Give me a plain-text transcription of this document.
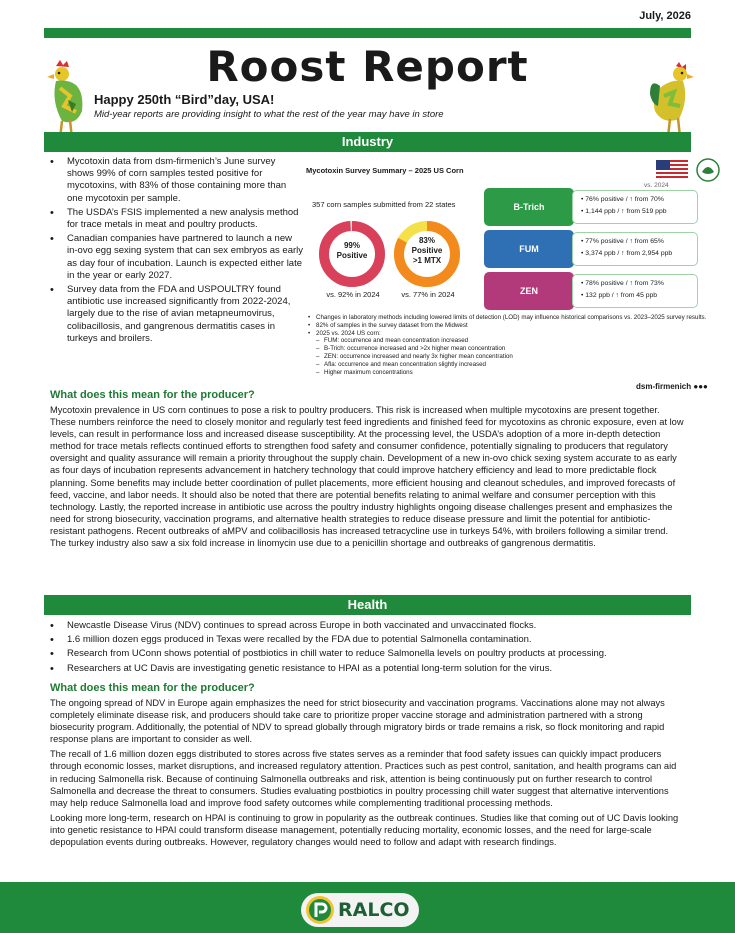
July, 2026
Roost Report
Happy 250th “Bird”day, USA!
Mid-year reports are providing insight to what the rest of the year may have in store
Industry
• Mycotoxin data from dsm-firmenich’s June survey shows 99% of corn samples tested positive for mycotoxins, with 83% of those containing more than one mycotoxin per sample.
• The USDA’s FSIS implemented a new analysis method for trace metals in meat and poultry products.
• Canadian companies have partnered to launch a new in-ovo egg sexing system that can sex embryos as early as day four of incubation. Launch is expected either late in the year or early 2027.
• Survey data from the FDA and USPOULTRY found antibiotic use increased significantly from 2022-2024, largely due to the rise of avian metapneumovirus, colibacillosis, and gangrenous dermatitis cases in turkeys and broilers.
Mycotoxin Survey Summary – 2025 US Corn
vs. 2024
357 corn samples submitted from 22 states
99%
Positive
vs. 92% in 2024
83%
Positive
>1 MTX
vs. 77% in 2024
B-Trich
• 76% positive / ↑ from 70%
• 1,144 ppb / ↑ from 519 ppb
FUM
• 77% positive / ↑ from 65%
• 3,374 ppb / ↑ from 2,954 ppb
ZEN
• 78% positive / ↑ from 73%
• 132 ppb / ↑ from 45 ppb
• Changes in laboratory methods including lowered limits of detection (LOD) may influence historical comparisons vs. 2023–2025 survey results.
• 82% of samples in the survey dataset from the Midwest
• 2025 vs. 2024 US corn:
– FUM: occurrence and mean concentration increased
– B-Trich: occurrence increased and >2x higher mean concentration
– ZEN: occurrence increased and nearly 3x higher mean concentration
– Afla: occurrence and mean concentration slightly increased
– Higher maximum concentrations
dsm-firmenich ●●●
What does this mean for the producer?

Mycotoxin prevalence in US corn continues to pose a risk to poultry producers. This risk is increased when multiple mycotoxins are present together. These numbers reinforce the need to closely monitor and regularly test feed ingredients and finished feed for mycotoxins as chronic exposure, even at low levels, can result in performance loss and increased disease susceptibility. At the processing level, the USDA’s adoption of a more in-depth detection method for trace metals reflects continued efforts to strengthen food safety and consumer confidence, potentially signaling to producers that regulatory oversight and quality assurance will remain a priority throughout the supply chain. Development of a new in-ovo chick sexing system accurate to as early as four days of incubation represents advancement in hatchery technology that could improve hatchery efficiency and lead to more predictable flock planning. Some benefits may include better coordination of pullet placements, more efficient housing and cleanout schedules, and improved forecasts of feed, vaccine, and labor needs. It should also be noted that there are potential benefits relating to animal welfare and consumer perception with this technology. Lastly, the reported increase in antibiotic use across the poultry industry highlights ongoing disease challenges present and emphasizes the need for strong biosecurity, vaccination programs, and alternative health strategies to reduce disease pressure and limit the potential for antibiotic-resistant pathogens. Recent outbreaks of aMPV and colibacillosis has increased tetracycline use in turkeys 54%, with broilers following a similar trend. The turkey industry also saw a six fold increase in linomycin use due to a penicillin shortage and outbreaks of gangrenous dermatitis.

Health
• Newcastle Disease Virus (NDV) continues to spread across Europe in both vaccinated and unvaccinated flocks.
• 1.6 million dozen eggs produced in Texas were recalled by the FDA due to potential Salmonella contamination.
• Research from UConn shows potential of postbiotics in chill water to reduce Salmonella levels on poultry products at processing.
• Researchers at UC Davis are investigating genetic resistance to HPAI as a potential long-term solution for the virus.
What does this mean for the producer?

The ongoing spread of NDV in Europe again emphasizes the need for strict biosecurity and vaccination programs. Vaccinations alone may not always completely eliminate disease risk, and producers should take care to prioritize proper vaccine storage and administration partnered with a strong biosecurity program. Additionally, the potential of NDV to spread globally through migratory birds or trade remains a risk, so flock monitoring and rapid response plans are important to consider as well.

The recall of 1.6 million dozen eggs distributed to stores across five states serves as a reminder that food safety issues can quickly impact producers through economic losses, market disruptions, and increased regulatory attention. Practices such as pest control, sanitation, and health programs can aid in reducing Salmonella risk. Because of continuing Salmonella outbreaks and risk, attention is being continuously put on further research to control Salmonella and decrease the threat to consumers. Studies evaluating postbiotics in poultry processing chill water suggest that alternative interventions may help reduce Salmonella load and improve food safety outcomes while complementing traditional processing methods.

Looking more long-term, research on HPAI is continuing to grow in popularity as the outbreak continues. Studies like that coming out of UC Davis looking into genetic resistance to HPAI could transform disease management, potentially reducing mortality, economic losses, and the need for large-scale depopulation events during outbreaks. However, regulatory changes would need to follow and adapt with research findings.

RALCO
